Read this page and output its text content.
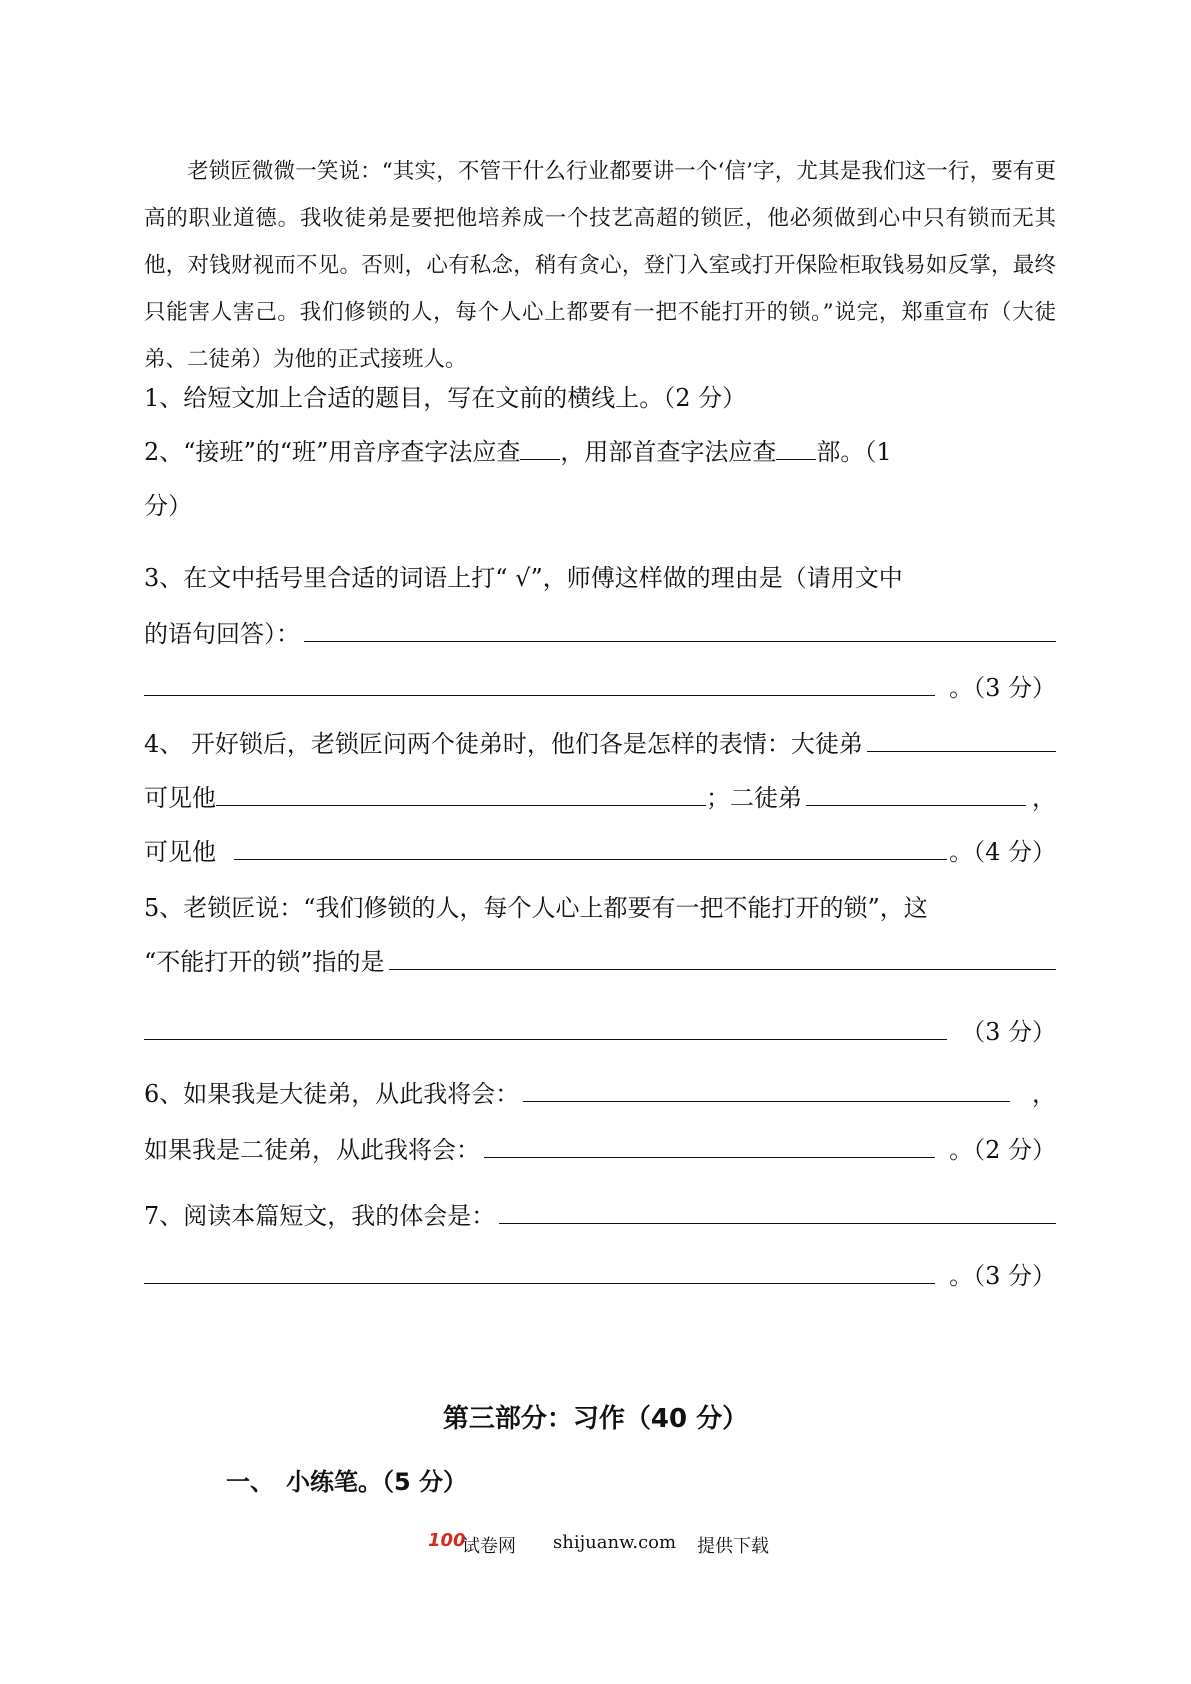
老锁匠微微一笑说：“其实，不管干什么行业都要讲一个‘信’字，尤其是我们这一行，要有更高的职业道德。我收徒弟是要把他培养成一个技艺高超的锁匠，他必须做到心中只有锁而无其他，对钱财视而不见。否则，心有私念，稍有贪心，登门入室或打开保险柜取钱易如反掌，最终只能害人害己。我们修锁的人，每个人心上都要有一把不能打开的锁。”说完，郑重宣布（大徒弟、二徒弟）为他的正式接班人。

1、给短文加上合适的题目，写在文前的横线上。（2 分）
2、“接班”的“班”用音序查字法应查 ，用部首查字法应查 部。（1
分）
3、在文中括号里合适的词语上打“ √”，师傅这样做的理由是（请用文中
的语句回答）：
。（3 分）
4、 开好锁后，老锁匠问两个徒弟时，他们各是怎样的表情：大徒弟
可见他	；二徒弟	，
可见他	。（4 分）
5、老锁匠说：“我们修锁的人，每个人心上都要有一把不能打开的锁”，这
“不能打开的锁”指的是
（3 分）
6、如果我是大徒弟，从此我将会：	，
如果我是二徒弟，从此我将会：	。（2 分）
7、阅读本篇短文，我的体会是：
。（3 分）
第三部分：习作（40 分）
一、　小练笔。（5 分）
100
试卷网 shijuanw.com 提供下载
